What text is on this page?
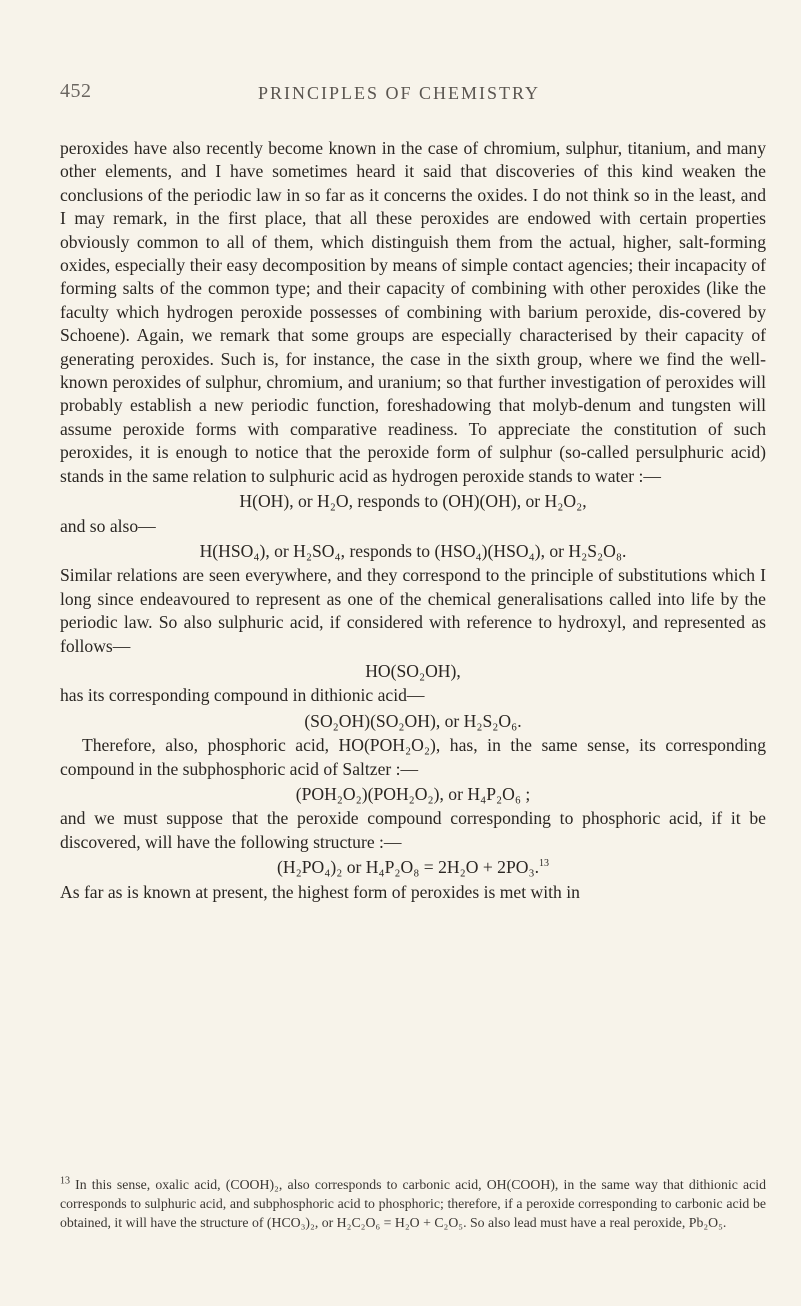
452	PRINCIPLES OF CHEMISTRY

peroxides have also recently become known in the case of chromium, sulphur, titanium, and many other elements, and I have sometimes heard it said that discoveries of this kind weaken the conclusions of the periodic law in so far as it concerns the oxides. I do not think so in the least, and I may remark, in the first place, that all these peroxides are endowed with certain properties obviously common to all of them, which distinguish them from the actual, higher, salt-forming oxides, especially their easy decomposition by means of simple contact agencies; their incapacity of forming salts of the common type; and their capacity of combining with other peroxides (like the faculty which hydrogen peroxide possesses of combining with barium peroxide, dis-covered by Schoene). Again, we remark that some groups are especially characterised by their capacity of generating peroxides. Such is, for instance, the case in the sixth group, where we find the well-known peroxides of sulphur, chromium, and uranium; so that further investigation of peroxides will probably establish a new periodic function, foreshadowing that molyb-denum and tungsten will assume peroxide forms with comparative readiness. To appreciate the constitution of such peroxides, it is enough to notice that the peroxide form of sulphur (so-called persulphuric acid) stands in the same relation to sulphuric acid as hydrogen peroxide stands to water :—

H(OH), or H₂O, responds to (OH)(OH), or H₂O₂,

and so also—

H(HSO₄), or H₂SO₄, responds to (HSO₄)(HSO₄), or H₂S₂O₈.

Similar relations are seen everywhere, and they correspond to the principle of substitutions which I long since endeavoured to represent as one of the chemical generalisations called into life by the periodic law. So also sulphuric acid, if considered with reference to hydroxyl, and represented as follows—

HO(SO₂OH),

has its corresponding compound in dithionic acid—

(SO₂OH)(SO₂OH), or H₂S₂O₆.

Therefore, also, phosphoric acid, HO(POH₂O₂), has, in the same sense, its corresponding compound in the subphosphoric acid of Saltzer :—

(POH₂O₂)(POH₂O₂), or H₄P₂O₆ ;

and we must suppose that the peroxide compound corresponding to phosphoric acid, if it be discovered, will have the following structure :—

(H₂PO₄)₂ or H₄P₂O₈ = 2H₂O + 2PO₃.$^{13}$

As far as is known at present, the highest form of peroxides is met with in

$^{13}$ In this sense, oxalic acid, (COOH)₂, also corresponds to carbonic acid, OH(COOH), in the same way that dithionic acid corresponds to sulphuric acid, and subphosphoric acid to phosphoric; therefore, if a peroxide corresponding to carbonic acid be obtained, it will have the structure of (HCO₃)₂, or H₂C₂O₆ = H₂O + C₂O₅. So also lead must have a real peroxide, Pb₂O₅.
